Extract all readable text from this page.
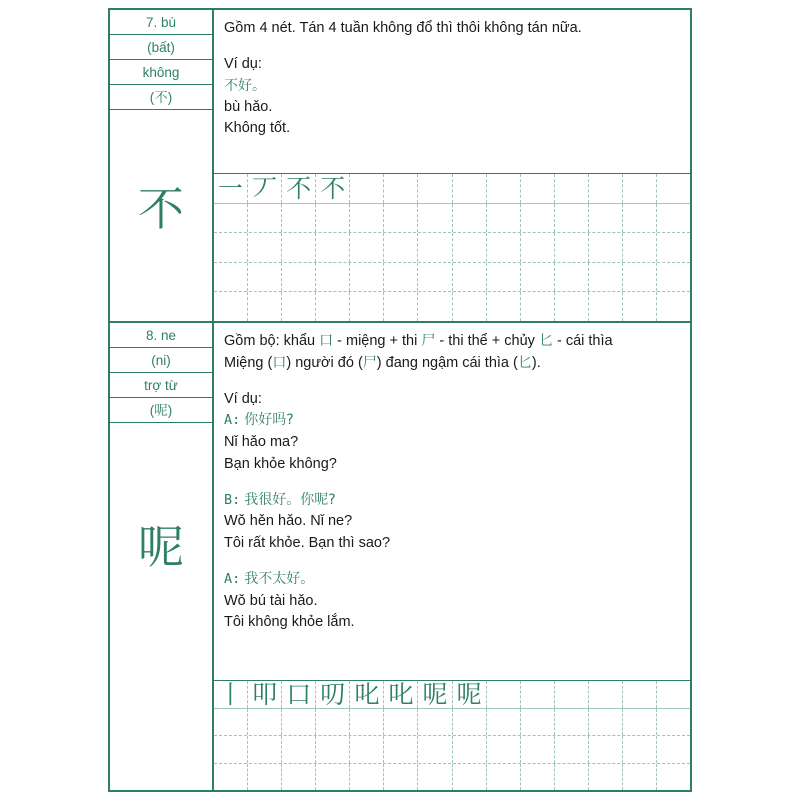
7. bù
(bất)
không
(不)
不
Gồm 4 nét. Tán 4 tuần không đổ thì thôi không tán nữa.
Ví dụ:
不好。
bù hǎo.
Không tốt.
一 丆 不 不
8. ne
(ni)
trợ từ
(呢)
呢
Gồm bộ: khẩu 口 - miệng + thi 尸 - thi thể + chủy 匕 - cái thìa
Miệng (口) người đó (尸) đang ngậm cái thìa (匕).
Ví dụ:
A: 你好吗?
Nǐ hǎo ma?
Bạn khỏe không?
B: 我很好。你呢?
Wǒ hěn hǎo. Nǐ ne?
Tôi rất khỏe. Bạn thì sao?
A: 我不太好。
Wǒ bú tài hǎo.
Tôi không khỏe lắm.
丨 叩 口 叨 叱 叱 呢 呢
